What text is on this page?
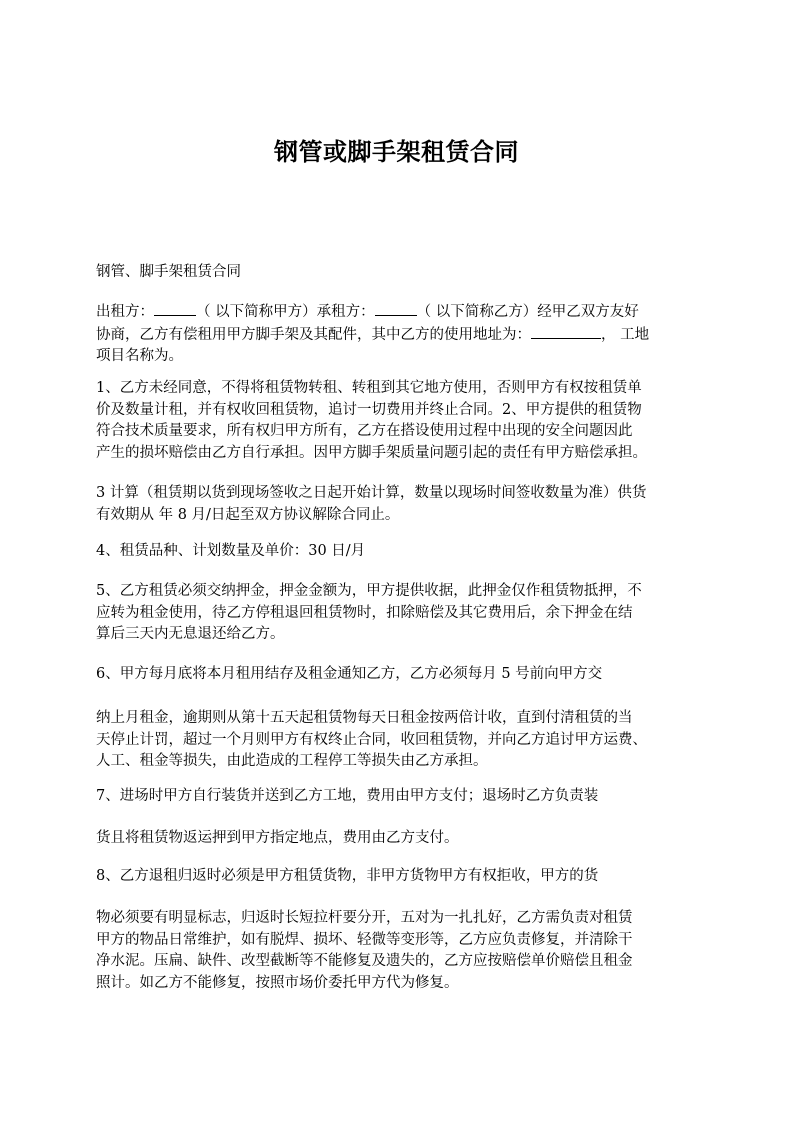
钢管或脚手架租赁合同
钢管、脚手架租赁合同
出租方：	（ 以下简称甲方）承租方：	（ 以下简称乙方）经甲乙双方友好
协商，乙方有偿租用甲方脚手架及其配件，其中乙方的使用地址为：	， 工地
项目名称为。
1、乙方未经同意，不得将租赁物转租、转租到其它地方使用，否则甲方有权按租赁单
价及数量计租，并有权收回租赁物，追讨一切费用并终止合同。2、甲方提供的租赁物
符合技术质量要求，所有权归甲方所有，乙方在搭设使用过程中出现的安全问题因此
产生的损坏赔偿由乙方自行承担。因甲方脚手架质量问题引起的责任有甲方赔偿承担。
3 计算（租赁期以货到现场签收之日起开始计算，数量以现场时间签收数量为准）供货
有效期从 年 8 月/日起至双方协议解除合同止。
4、租赁品种、计划数量及单价：30 日/月
5、乙方租赁必须交纳押金，押金金额为，甲方提供收据，此押金仅作租赁物抵押，不
应转为租金使用，待乙方停租退回租赁物时，扣除赔偿及其它费用后，余下押金在结
算后三天内无息退还给乙方。
6、甲方每月底将本月租用结存及租金通知乙方，乙方必须每月 5 号前向甲方交
纳上月租金，逾期则从第十五天起租赁物每天日租金按两倍计收，直到付清租赁的当
天停止计罚，超过一个月则甲方有权终止合同，收回租赁物，并向乙方追讨甲方运费、
人工、租金等损失，由此造成的工程停工等损失由乙方承担。
7、进场时甲方自行装货并送到乙方工地，费用由甲方支付；退场时乙方负责装
货且将租赁物返运押到甲方指定地点，费用由乙方支付。
8、乙方退租归返时必须是甲方租赁货物，非甲方货物甲方有权拒收，甲方的货
物必须要有明显标志，归返时长短拉杆要分开，五对为一扎扎好，乙方需负责对租赁
甲方的物品日常维护，如有脱焊、损坏、轻微等变形等，乙方应负责修复，并清除干
净水泥。压扁、缺件、改型截断等不能修复及遗失的，乙方应按赔偿单价赔偿且租金
照计。如乙方不能修复，按照市场价委托甲方代为修复。
